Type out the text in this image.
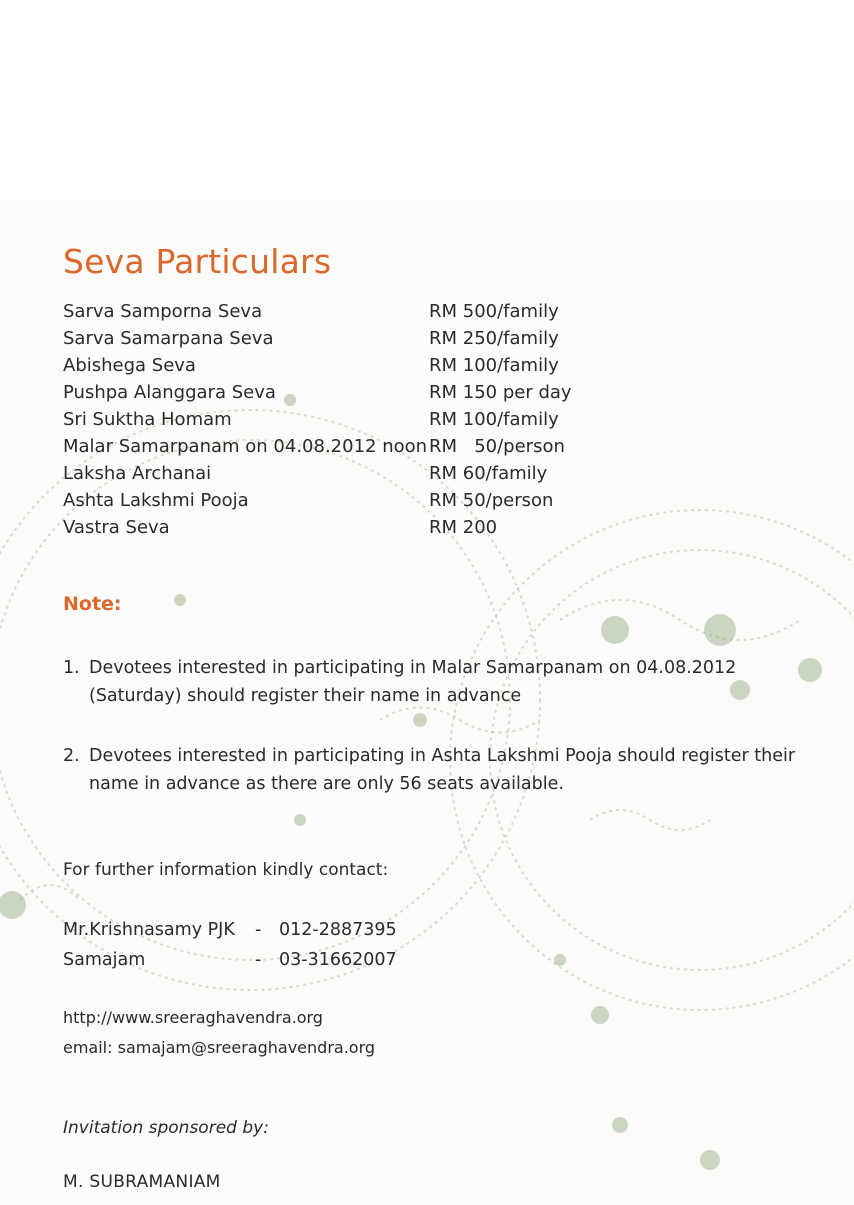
Seva Particulars
Sarva Samporna Seva	RM 500/family
Sarva Samarpana Seva	RM 250/family
Abishega Seva	RM 100/family
Pushpa Alanggara Seva	RM 150 per day
Sri Suktha Homam	RM 100/family
Malar Samarpanam on 04.08.2012 noon RM   50/person
Laksha Archanai	RM 60/family
Ashta Lakshmi Pooja	RM 50/person
Vastra Seva	RM 200
Note:
1. Devotees interested in participating in Malar Samarpanam on 04.08.2012 (Saturday) should register their name in advance
2. Devotees interested in participating in Ashta Lakshmi Pooja should register their name in advance as there are only 56 seats available.
For further information kindly contact:
Mr.Krishnasamy PJK - 012-2887395
Samajam	- 03-31662007
http://www.sreeraghavendra.org
email: samajam@sreeraghavendra.org
Invitation sponsored by:
M. SUBRAMANIAM
